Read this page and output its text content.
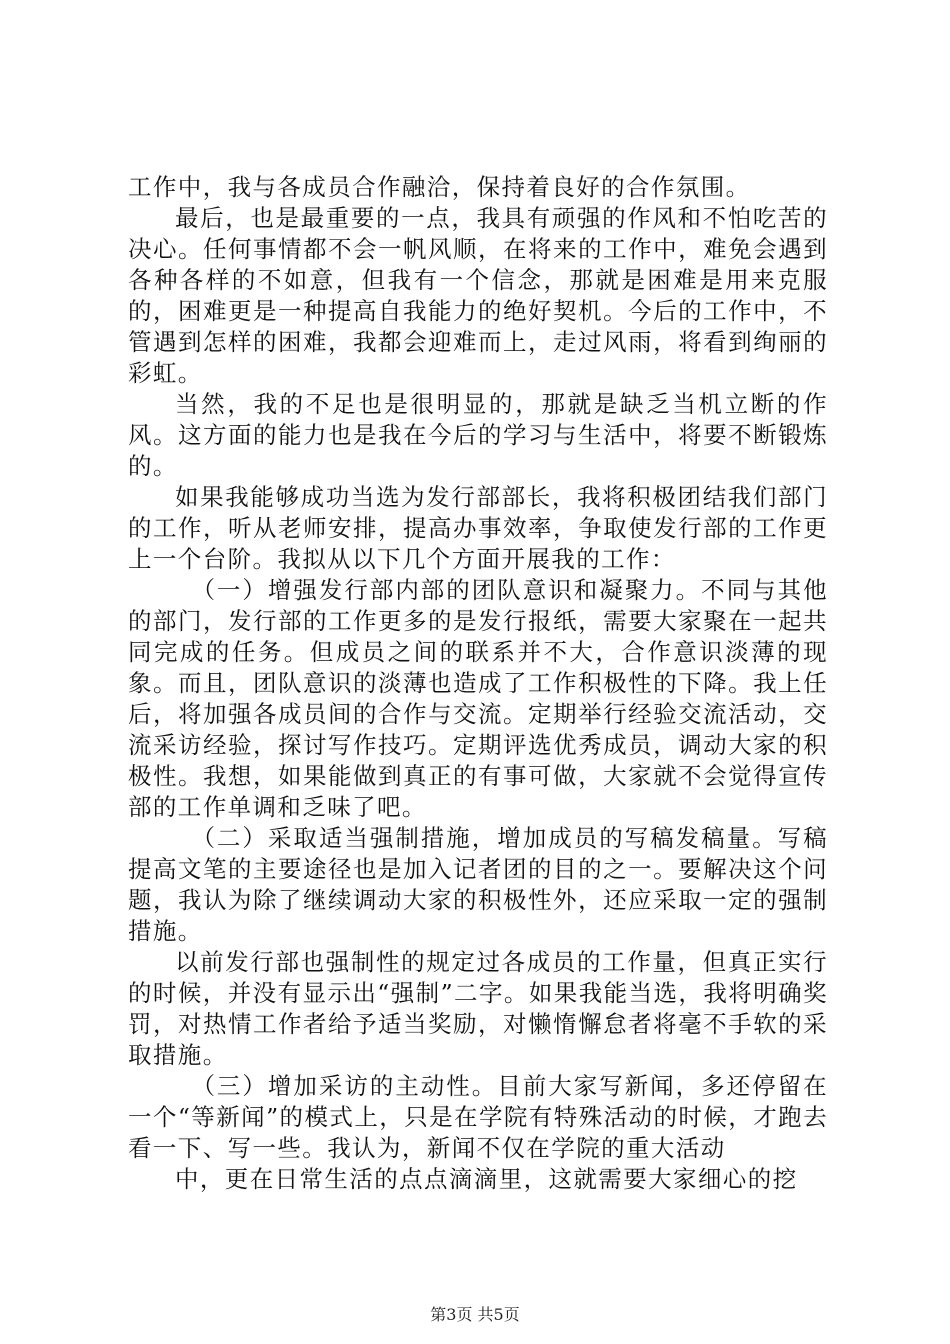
工作中，我与各成员合作融洽，保持着良好的合作氛围。

最后，也是最重要的一点，我具有顽强的作风和不怕吃苦的决心。任何事情都不会一帆风顺，在将来的工作中，难免会遇到各种各样的不如意，但我有一个信念，那就是困难是用来克服的，困难更是一种提高自我能力的绝好契机。今后的工作中，不管遇到怎样的困难，我都会迎难而上，走过风雨，将看到绚丽的彩虹。

当然，我的不足也是很明显的，那就是缺乏当机立断的作风。这方面的能力也是我在今后的学习与生活中，将要不断锻炼的。

如果我能够成功当选为发行部部长，我将积极团结我们部门的工作，听从老师安排，提高办事效率，争取使发行部的工作更上一个台阶。我拟从以下几个方面开展我的工作：

（一）增强发行部内部的团队意识和凝聚力。不同与其他的部门，发行部的工作更多的是发行报纸，需要大家聚在一起共同完成的任务。但成员之间的联系并不大，合作意识淡薄的现象。而且，团队意识的淡薄也造成了工作积极性的下降。我上任后，将加强各成员间的合作与交流。定期举行经验交流活动，交流采访经验，探讨写作技巧。定期评选优秀成员，调动大家的积极性。我想，如果能做到真正的有事可做，大家就不会觉得宣传部的工作单调和乏味了吧。

（二）采取适当强制措施，增加成员的写稿发稿量。写稿提高文笔的主要途径也是加入记者团的目的之一。要解决这个问题，我认为除了继续调动大家的积极性外，还应采取一定的强制措施。

以前发行部也强制性的规定过各成员的工作量，但真正实行的时候，并没有显示出“强制”二字。如果我能当选，我将明确奖罚，对热情工作者给予适当奖励，对懒惰懈怠者将毫不手软的采取措施。

（三）增加采访的主动性。目前大家写新闻，多还停留在一个“等新闻”的模式上，只是在学院有特殊活动的时候，才跑去看一下、写一些。我认为，新闻不仅在学院的重大活动

中，更在日常生活的点点滴滴里，这就需要大家细心的挖

第3页 共5页
